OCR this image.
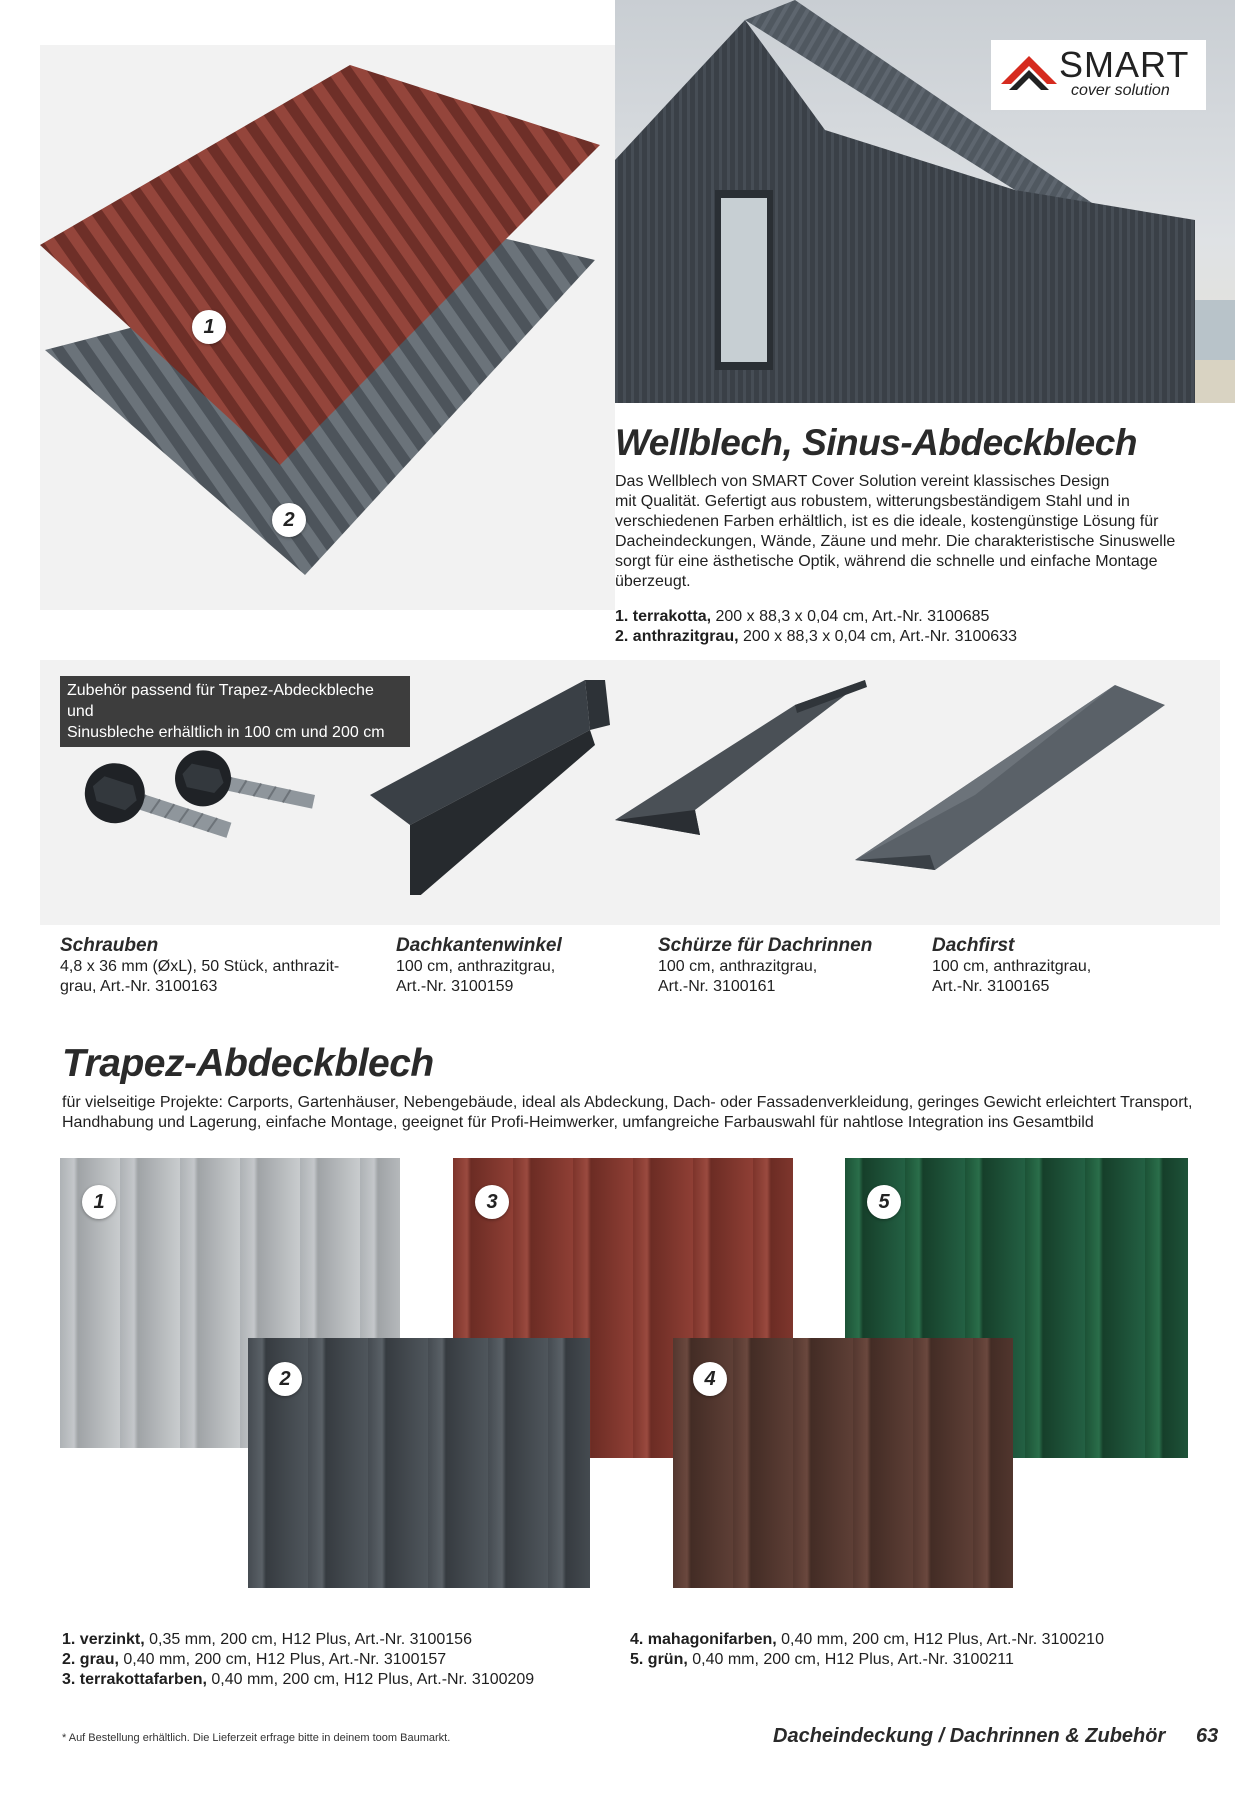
1
2
SMART
cover solution
Wellblech, Sinus-Abdeckblech
Das Wellblech von SMART Cover Solution vereint klassisches Design
mit Qualität. Gefertigt aus robustem, witterungsbeständigem Stahl und in
verschiedenen Farben erhältlich, ist es die ideale, kostengünstige Lösung für
Dacheindeckungen, Wände, Zäune und mehr. Die charakteristische Sinuswelle
sorgt für eine ästhetische Optik, während die schnelle und einfache Montage
überzeugt.
1. terrakotta, 200 x 88,3 x 0,04 cm, Art.-Nr. 3100685
2. anthrazitgrau, 200 x 88,3 x 0,04 cm, Art.-Nr. 3100633
Zubehör passend für Trapez-Abdeckbleche und
Sinusbleche erhältlich in 100 cm und 200 cm
Schrauben
4,8 x 36 mm (ØxL), 50 Stück, anthrazit-
grau, Art.-Nr. 3100163
Dachkantenwinkel
100 cm, anthrazitgrau,
Art.-Nr. 3100159
Schürze für Dachrinnen
100 cm, anthrazitgrau,
Art.-Nr. 3100161
Dachfirst
100 cm, anthrazitgrau,
Art.-Nr. 3100165
Trapez-Abdeckblech
für vielseitige Projekte: Carports, Gartenhäuser, Nebengebäude, ideal als Abdeckung, Dach- oder Fassadenverkleidung, geringes Gewicht erleichtert Transport,
Handhabung und Lagerung, einfache Montage, geeignet für Profi-Heimwerker, umfangreiche Farbauswahl für nahtlose Integration ins Gesamtbild
1	3	5
2	4
1. verzinkt, 0,35 mm, 200 cm, H12 Plus, Art.-Nr. 3100156
2. grau, 0,40 mm, 200 cm, H12 Plus, Art.-Nr. 3100157
3. terrakottafarben, 0,40 mm, 200 cm, H12 Plus, Art.-Nr. 3100209
4. mahagonifarben, 0,40 mm, 200 cm, H12 Plus, Art.-Nr. 3100210
5. grün, 0,40 mm, 200 cm, H12 Plus, Art.-Nr. 3100211
* Auf Bestellung erhältlich. Die Lieferzeit erfrage bitte in deinem toom Baumarkt.	Dacheindeckung / Dachrinnen & Zubehör 63
